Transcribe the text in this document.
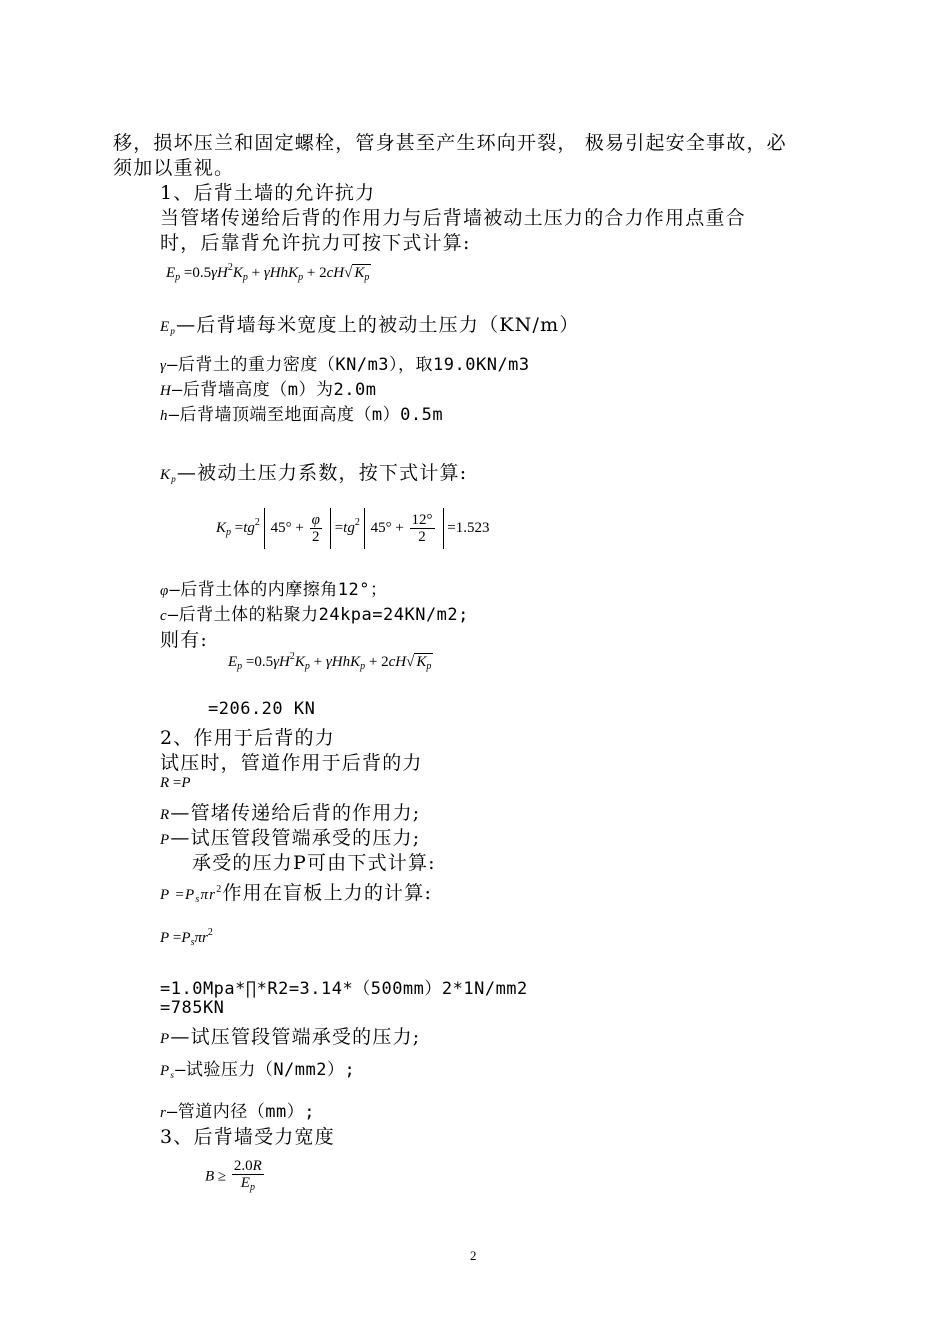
移，损坏压兰和固定螺栓，管身甚至产生环向开裂， 极易引起安全事故，必
须加以重视。
1、后背土墙的允许抗力
当管堵传递给后背的作用力与后背墙被动土压力的合力作用点重合
时，后靠背允许抗力可按下式计算:
$E_p =0.5\gamma H^2K_p + \gamma HhK_p + 2cH√$ $K_p$
$E_p—$后背墙每米宽度上的被动土压力（KN/m）
γ—后背土的重力密度（KN/m3），取19.0KN/m3
H—后背墙高度（m）为2.0m
h—后背墙顶端至地面高度（m）0.5m
$K_p—$被动土压力系数，按下式计算:
$K_p =tg^2$ $45^\circ + \frac{\varphi}{2} =tg^2$ $45^\circ + \frac{12^\circ}{2} =1.523$
φ—后背土体的内摩擦角12°；
c—后背土体的粘聚力24kpa=24KN/m2;
则有:
$E_p =0.5\gamma H^2K_p + \gamma HhK_p + 2cH√$ $K_p$
=206.20 KN
2、作用于后背的力
试压时，管道作用于后背的力
R =P
R—管堵传递给后背的作用力;
P—试压管段管端承受的压力;
承受的压力P可由下式计算:
$P =P_s\pi r^2$作用在盲板上力的计算:
$P =P_s\pi r^2$
=1.0Mpa*∏*R2=3.14*（500mm）2*1N/mm2
=785KN
P—试压管段管端承受的压力;
$P_s—$试验压力（N/mm2）;
r—管道内径（mm）;
3、后背墙受力宽度
$B \ge \frac{2.0R}{E_p}$
2
